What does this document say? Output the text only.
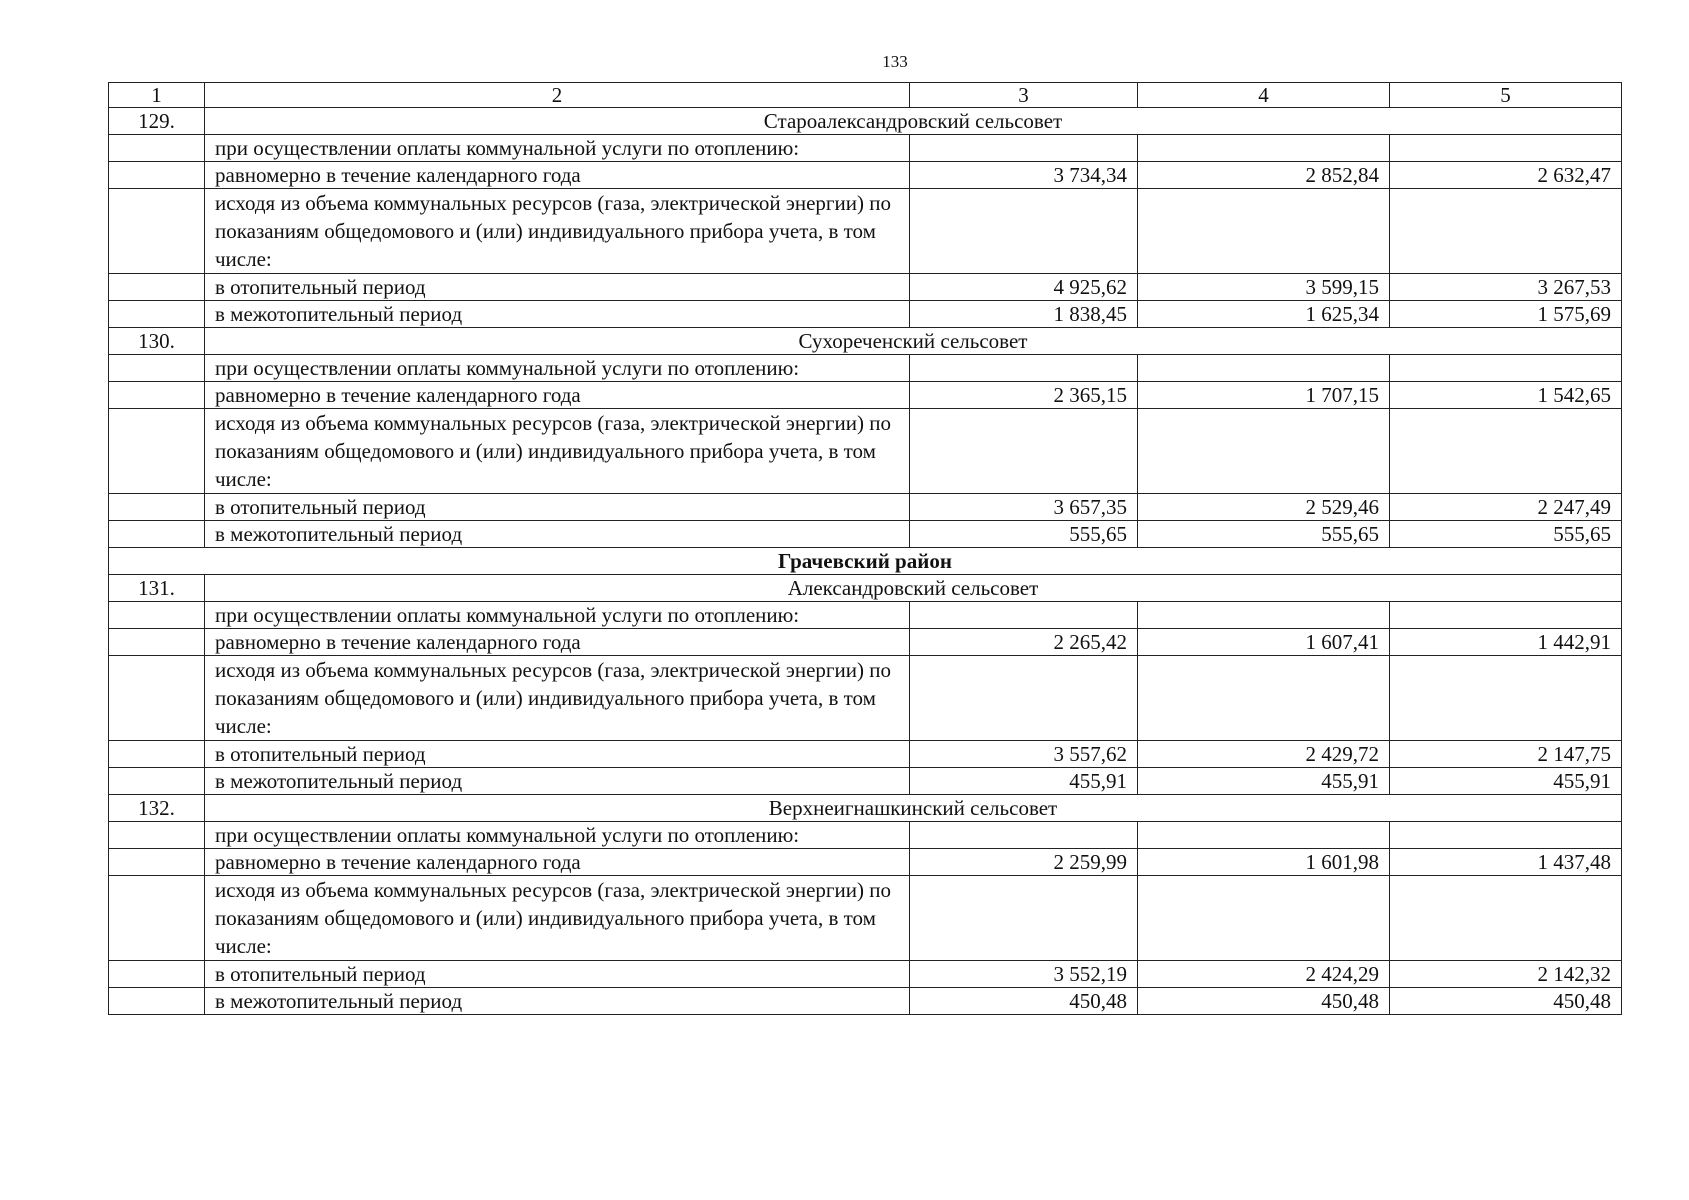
133
1	2	3	4	5
129.	Староалександровский сельсовет			
	при осуществлении оплаты коммунальной услуги по отоплению:			
	равномерно в течение календарного года	3 734,34	2 852,84	2 632,47
	исходя из объема коммунальных ресурсов (газа, электрической энергии) по показаниям общедомового и (или) индивидуального прибора учета, в том числе:			
	в отопительный период	4 925,62	3 599,15	3 267,53
	в межотопительный период	1 838,45	1 625,34	1 575,69
130.	Сухореченский сельсовет			
	при осуществлении оплаты коммунальной услуги по отоплению:			
	равномерно в течение календарного года	2 365,15	1 707,15	1 542,65
	исходя из объема коммунальных ресурсов (газа, электрической энергии) по показаниям общедомового и (или) индивидуального прибора учета, в том числе:			
	в отопительный период	3 657,35	2 529,46	2 247,49
	в межотопительный период	555,65	555,65	555,65
Грачевский район				
131.	Александровский сельсовет			
	при осуществлении оплаты коммунальной услуги по отоплению:			
	равномерно в течение календарного года	2 265,42	1 607,41	1 442,91
	исходя из объема коммунальных ресурсов (газа, электрической энергии) по показаниям общедомового и (или) индивидуального прибора учета, в том числе:			
	в отопительный период	3 557,62	2 429,72	2 147,75
	в межотопительный период	455,91	455,91	455,91
132.	Верхнеигнашкинский сельсовет			
	при осуществлении оплаты коммунальной услуги по отоплению:			
	равномерно в течение календарного года	2 259,99	1 601,98	1 437,48
	исходя из объема коммунальных ресурсов (газа, электрической энергии) по показаниям общедомового и (или) индивидуального прибора учета, в том числе:			
	в отопительный период	3 552,19	2 424,29	2 142,32
	в межотопительный период	450,48	450,48	450,48
